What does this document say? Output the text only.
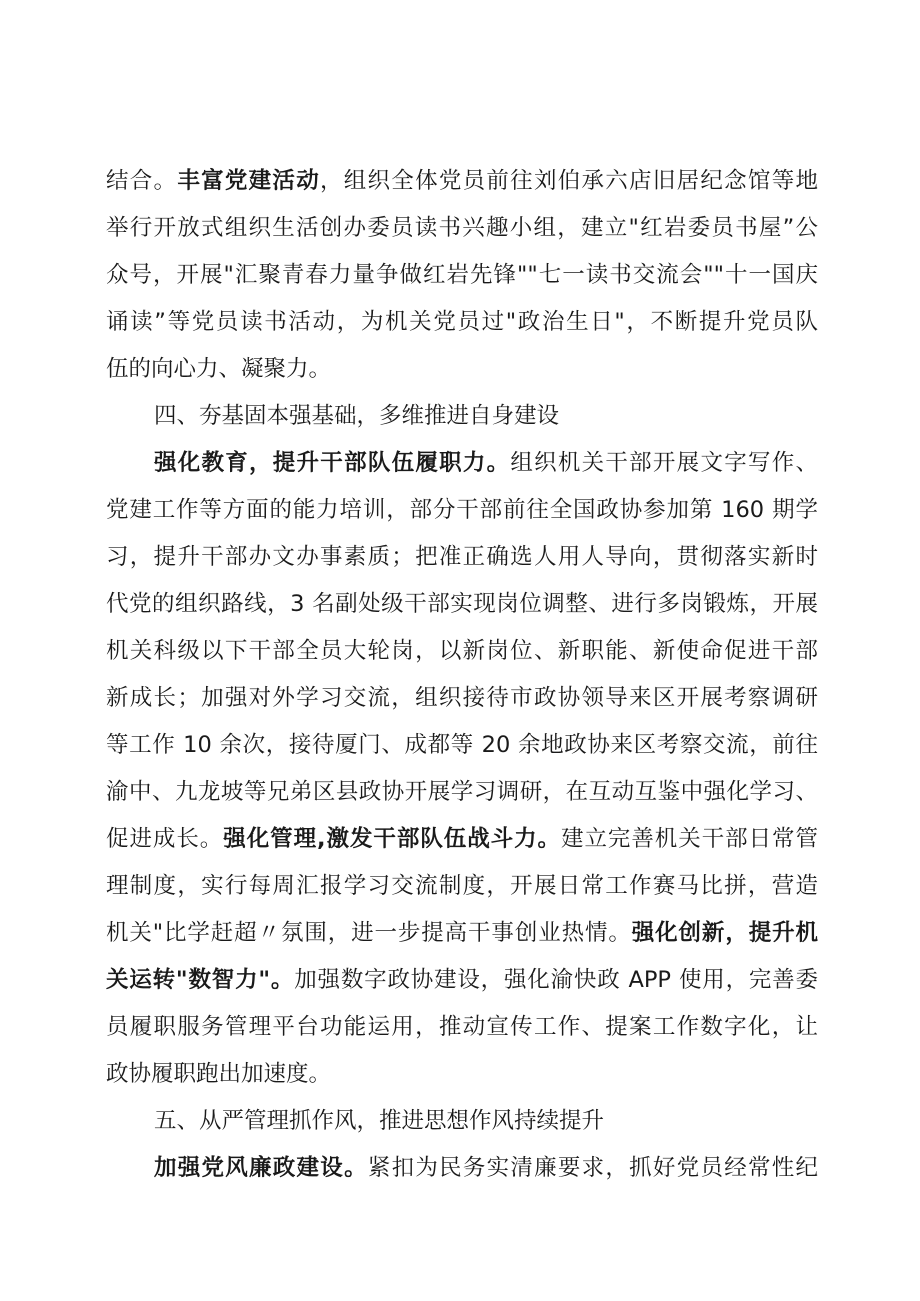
结合。丰富党建活动，组织全体党员前往刘伯承六店旧居纪念馆等地
举行开放式组织生活创办委员读书兴趣小组，建立"红岩委员书屋”公
众号，开展"汇聚青春力量争做红岩先锋""七一读书交流会""十一国庆
诵读”等党员读书活动，为机关党员过"政治生日"，不断提升党员队
伍的向心力、凝聚力。
四、夯基固本强基础，多维推进自身建设
强化教育，提升干部队伍履职力。组织机关干部开展文字写作、
党建工作等方面的能力培训，部分干部前往全国政协参加第 160 期学
习，提升干部办文办事素质；把准正确选人用人导向，贯彻落实新时
代党的组织路线，3 名副处级干部实现岗位调整、进行多岗锻炼，开展
机关科级以下干部全员大轮岗，以新岗位、新职能、新使命促进干部
新成长；加强对外学习交流，组织接待市政协领导来区开展考察调研
等工作 10 余次，接待厦门、成都等 20 余地政协来区考察交流，前往
渝中、九龙坡等兄弟区县政协开展学习调研，在互动互鉴中强化学习、
促进成长。强化管理,激发干部队伍战斗力。建立完善机关干部日常管
理制度，实行每周汇报学习交流制度，开展日常工作赛马比拼，营造
机关"比学赶超〃氛围，进一步提高干事创业热情。强化创新，提升机
关运转"数智力"。加强数字政协建设，强化渝快政 APP 使用，完善委
员履职服务管理平台功能运用，推动宣传工作、提案工作数字化，让
政协履职跑出加速度。
五、从严管理抓作风，推进思想作风持续提升
加强党风廉政建设。紧扣为民务实清廉要求，抓好党员经常性纪
